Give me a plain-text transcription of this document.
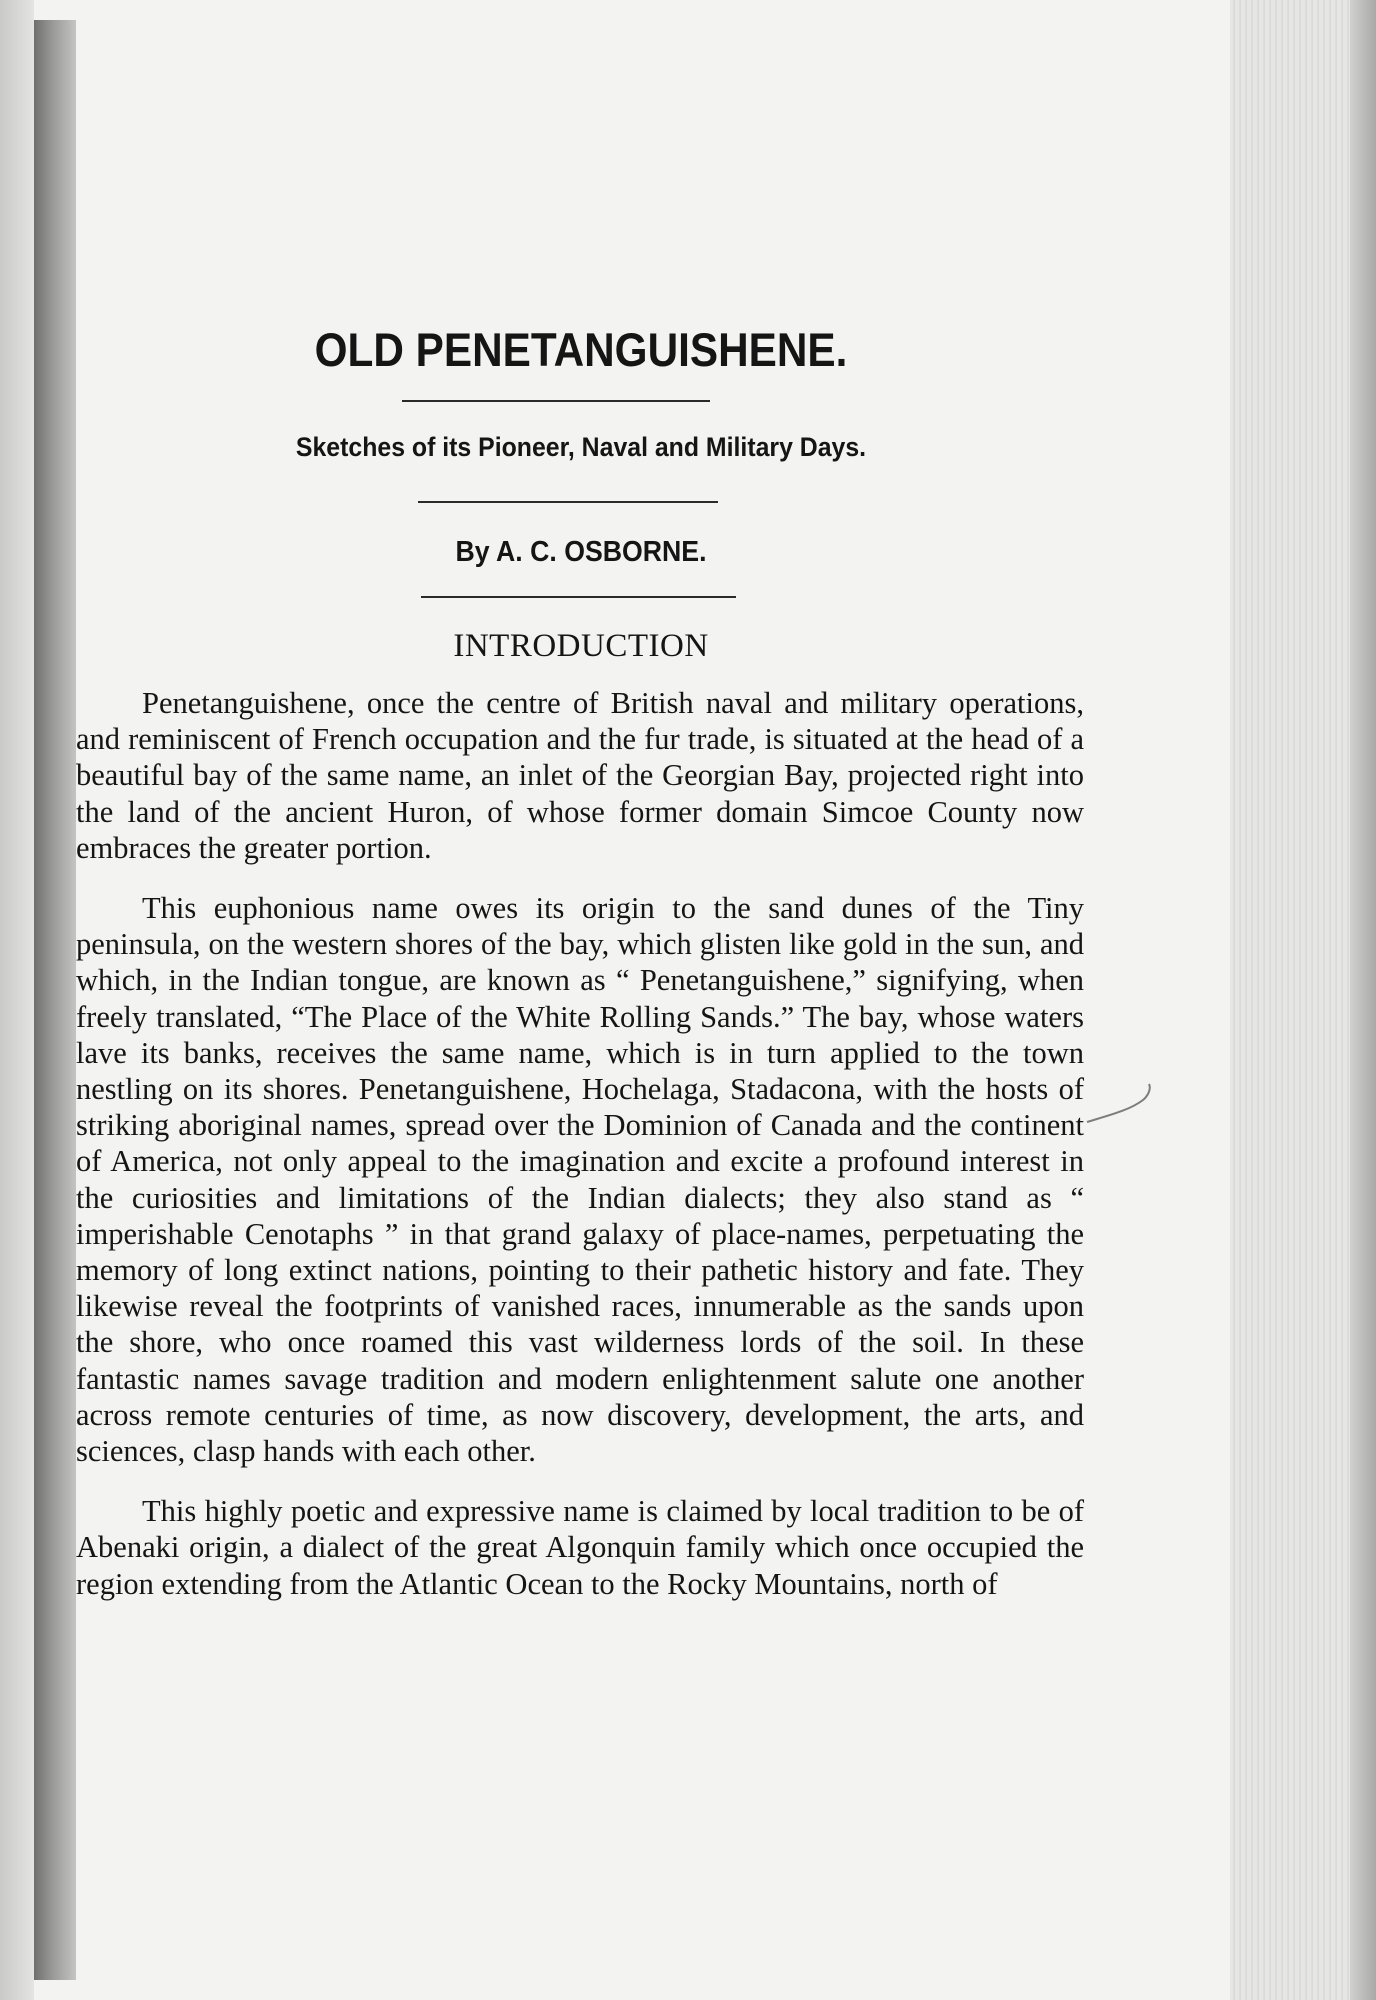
OLD PENETANGUISHENE.
Sketches of its Pioneer, Naval and Military Days.
By A. C. OSBORNE.
INTRODUCTION

Penetanguishene, once the centre of British naval and military operations, and reminiscent of French occupation and the fur trade, is situated at the head of a beautiful bay of the same name, an inlet of the Georgian Bay, projected right into the land of the ancient Huron, of whose former domain Simcoe County now embraces the greater portion.

This euphonious name owes its origin to the sand dunes of the Tiny peninsula, on the western shores of the bay, which glisten like gold in the sun, and which, in the Indian tongue, are known as “ Penetanguishene,” signifying, when freely translated, “The Place of the White Rolling Sands.” The bay, whose waters lave its banks, receives the same name, which is in turn applied to the town nestling on its shores. Penetanguishene, Hochelaga, Stadacona, with the hosts of striking aboriginal names, spread over the Dominion of Canada and the continent of America, not only appeal to the imagination and excite a profound interest in the curiosities and limitations of the Indian dialects; they also stand as “ imperishable Cenotaphs ” in that grand galaxy of place-names, perpetuating the memory of long extinct nations, pointing to their pathetic history and fate. They likewise reveal the footprints of vanished races, innumerable as the sands upon the shore, who once roamed this vast wilderness lords of the soil. In these fantastic names savage tradition and modern enlightenment salute one another across remote centuries of time, as now discovery, development, the arts, and sciences, clasp hands with each other.

This highly poetic and expressive name is claimed by local tradition to be of Abenaki origin, a dialect of the great Algonquin family which once occupied the region extending from the Atlantic Ocean to the Rocky Mountains, north of
